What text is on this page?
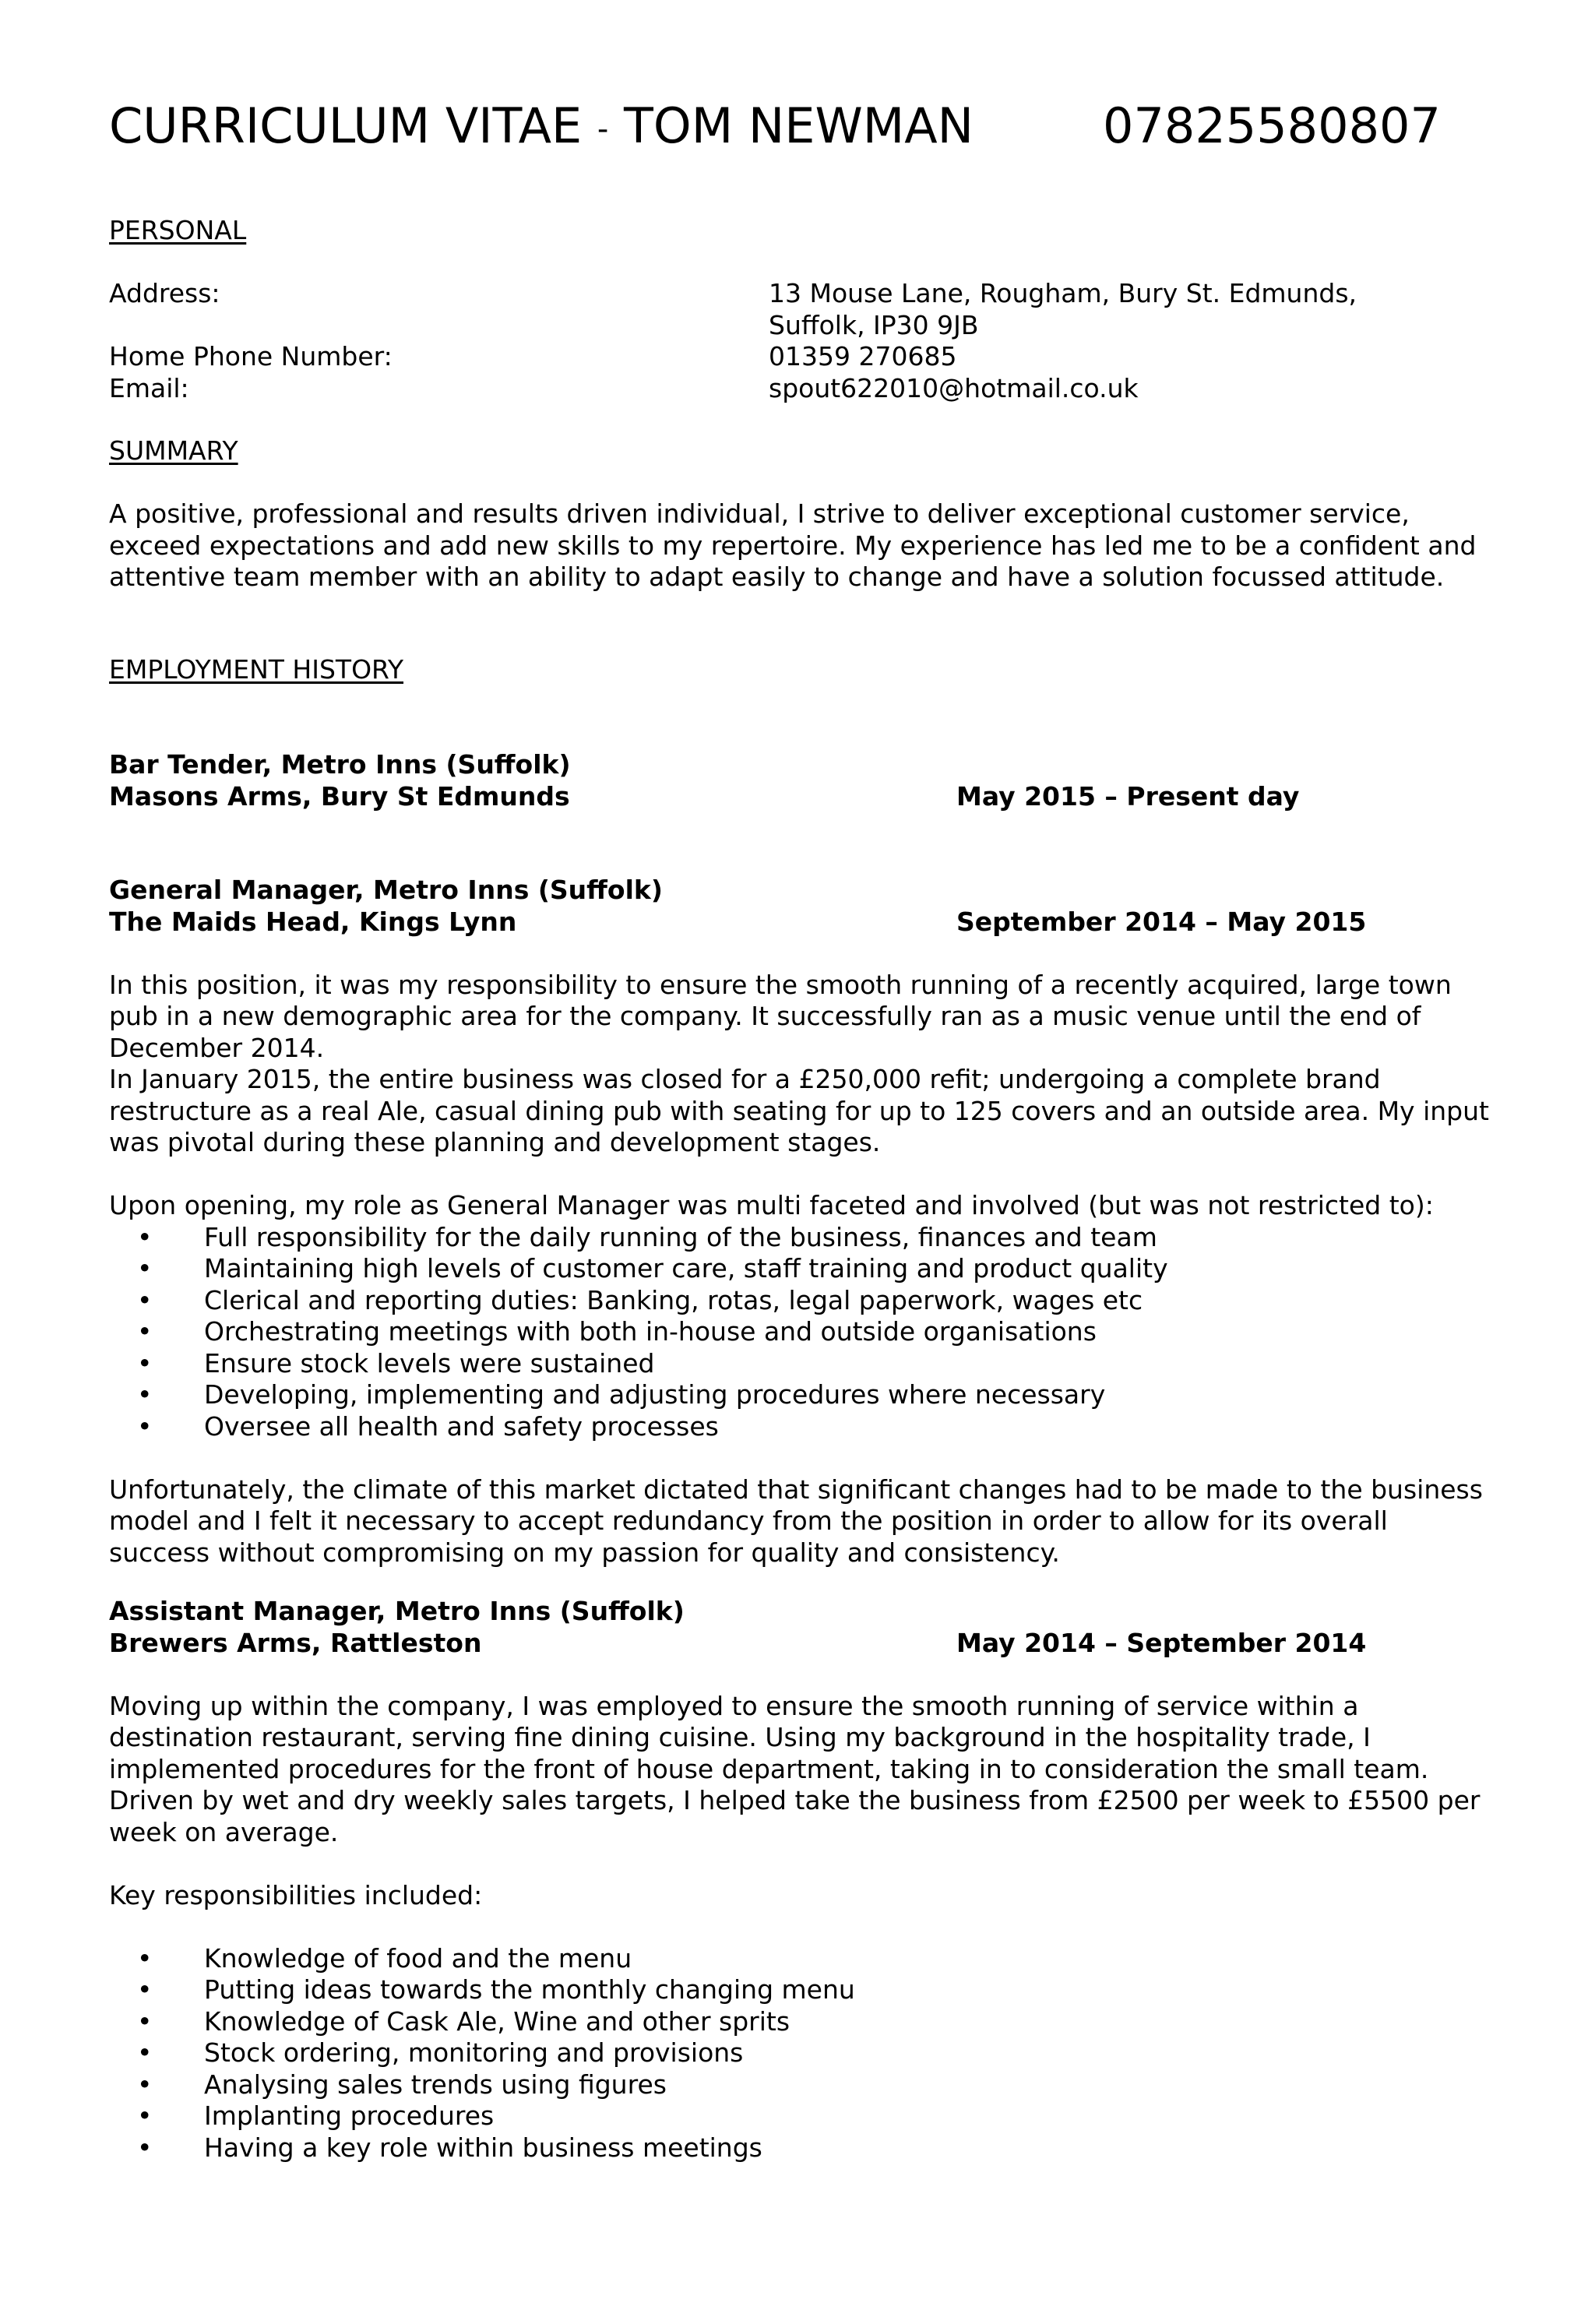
CURRICULUM VITAE - TOM NEWMAN	07825580807

PERSONAL

Address:	13 Mouse Lane, Rougham, Bury St. Edmunds,
Suffolk, IP30 9JB
Home Phone Number:	01359 270685
Email:	spout622010@hotmail.co.uk

SUMMARY

A positive, professional and results driven individual, I strive to deliver exceptional customer service, exceed expectations and add new skills to my repertoire. My experience has led me to be a confident and attentive team member with an ability to adapt easily to change and have a solution focussed attitude.

EMPLOYMENT HISTORY

Bar Tender, Metro Inns (Suffolk)

Masons Arms, Bury St Edmunds	May 2015 – Present day

General Manager, Metro Inns (Suffolk)

The Maids Head, Kings Lynn	September 2014 – May 2015

In this position, it was my responsibility to ensure the smooth running of a recently acquired, large town pub in a new demographic area for the company. It successfully ran as a music venue until the end of December 2014.

In January 2015, the entire business was closed for a £250,000 refit; undergoing a complete brand restructure as a real Ale, casual dining pub with seating for up to 125 covers and an outside area. My input was pivotal during these planning and development stages.

Upon opening, my role as General Manager was multi faceted and involved (but was not restricted to):

• Full responsibility for the daily running of the business, finances and team
• Maintaining high levels of customer care, staff training and product quality
• Clerical and reporting duties: Banking, rotas, legal paperwork, wages etc
• Orchestrating meetings with both in-house and outside organisations
• Ensure stock levels were sustained
• Developing, implementing and adjusting procedures where necessary
• Oversee all health and safety processes

Unfortunately, the climate of this market dictated that significant changes had to be made to the business model and I felt it necessary to accept redundancy from the position in order to allow for its overall success without compromising on my passion for quality and consistency.

Assistant Manager, Metro Inns (Suffolk)

Brewers Arms, Rattleston	May 2014 – September 2014

Moving up within the company, I was employed to ensure the smooth running of service within a destination restaurant, serving fine dining cuisine. Using my background in the hospitality trade, I implemented procedures for the front of house department, taking in to consideration the small team. Driven by wet and dry weekly sales targets, I helped take the business from £2500 per week to £5500 per week on average.

Key responsibilities included:

• Knowledge of food and the menu
• Putting ideas towards the monthly changing menu
• Knowledge of Cask Ale, Wine and other sprits
• Stock ordering, monitoring and provisions
• Analysing sales trends using figures
• Implanting procedures
• Having a key role within business meetings
